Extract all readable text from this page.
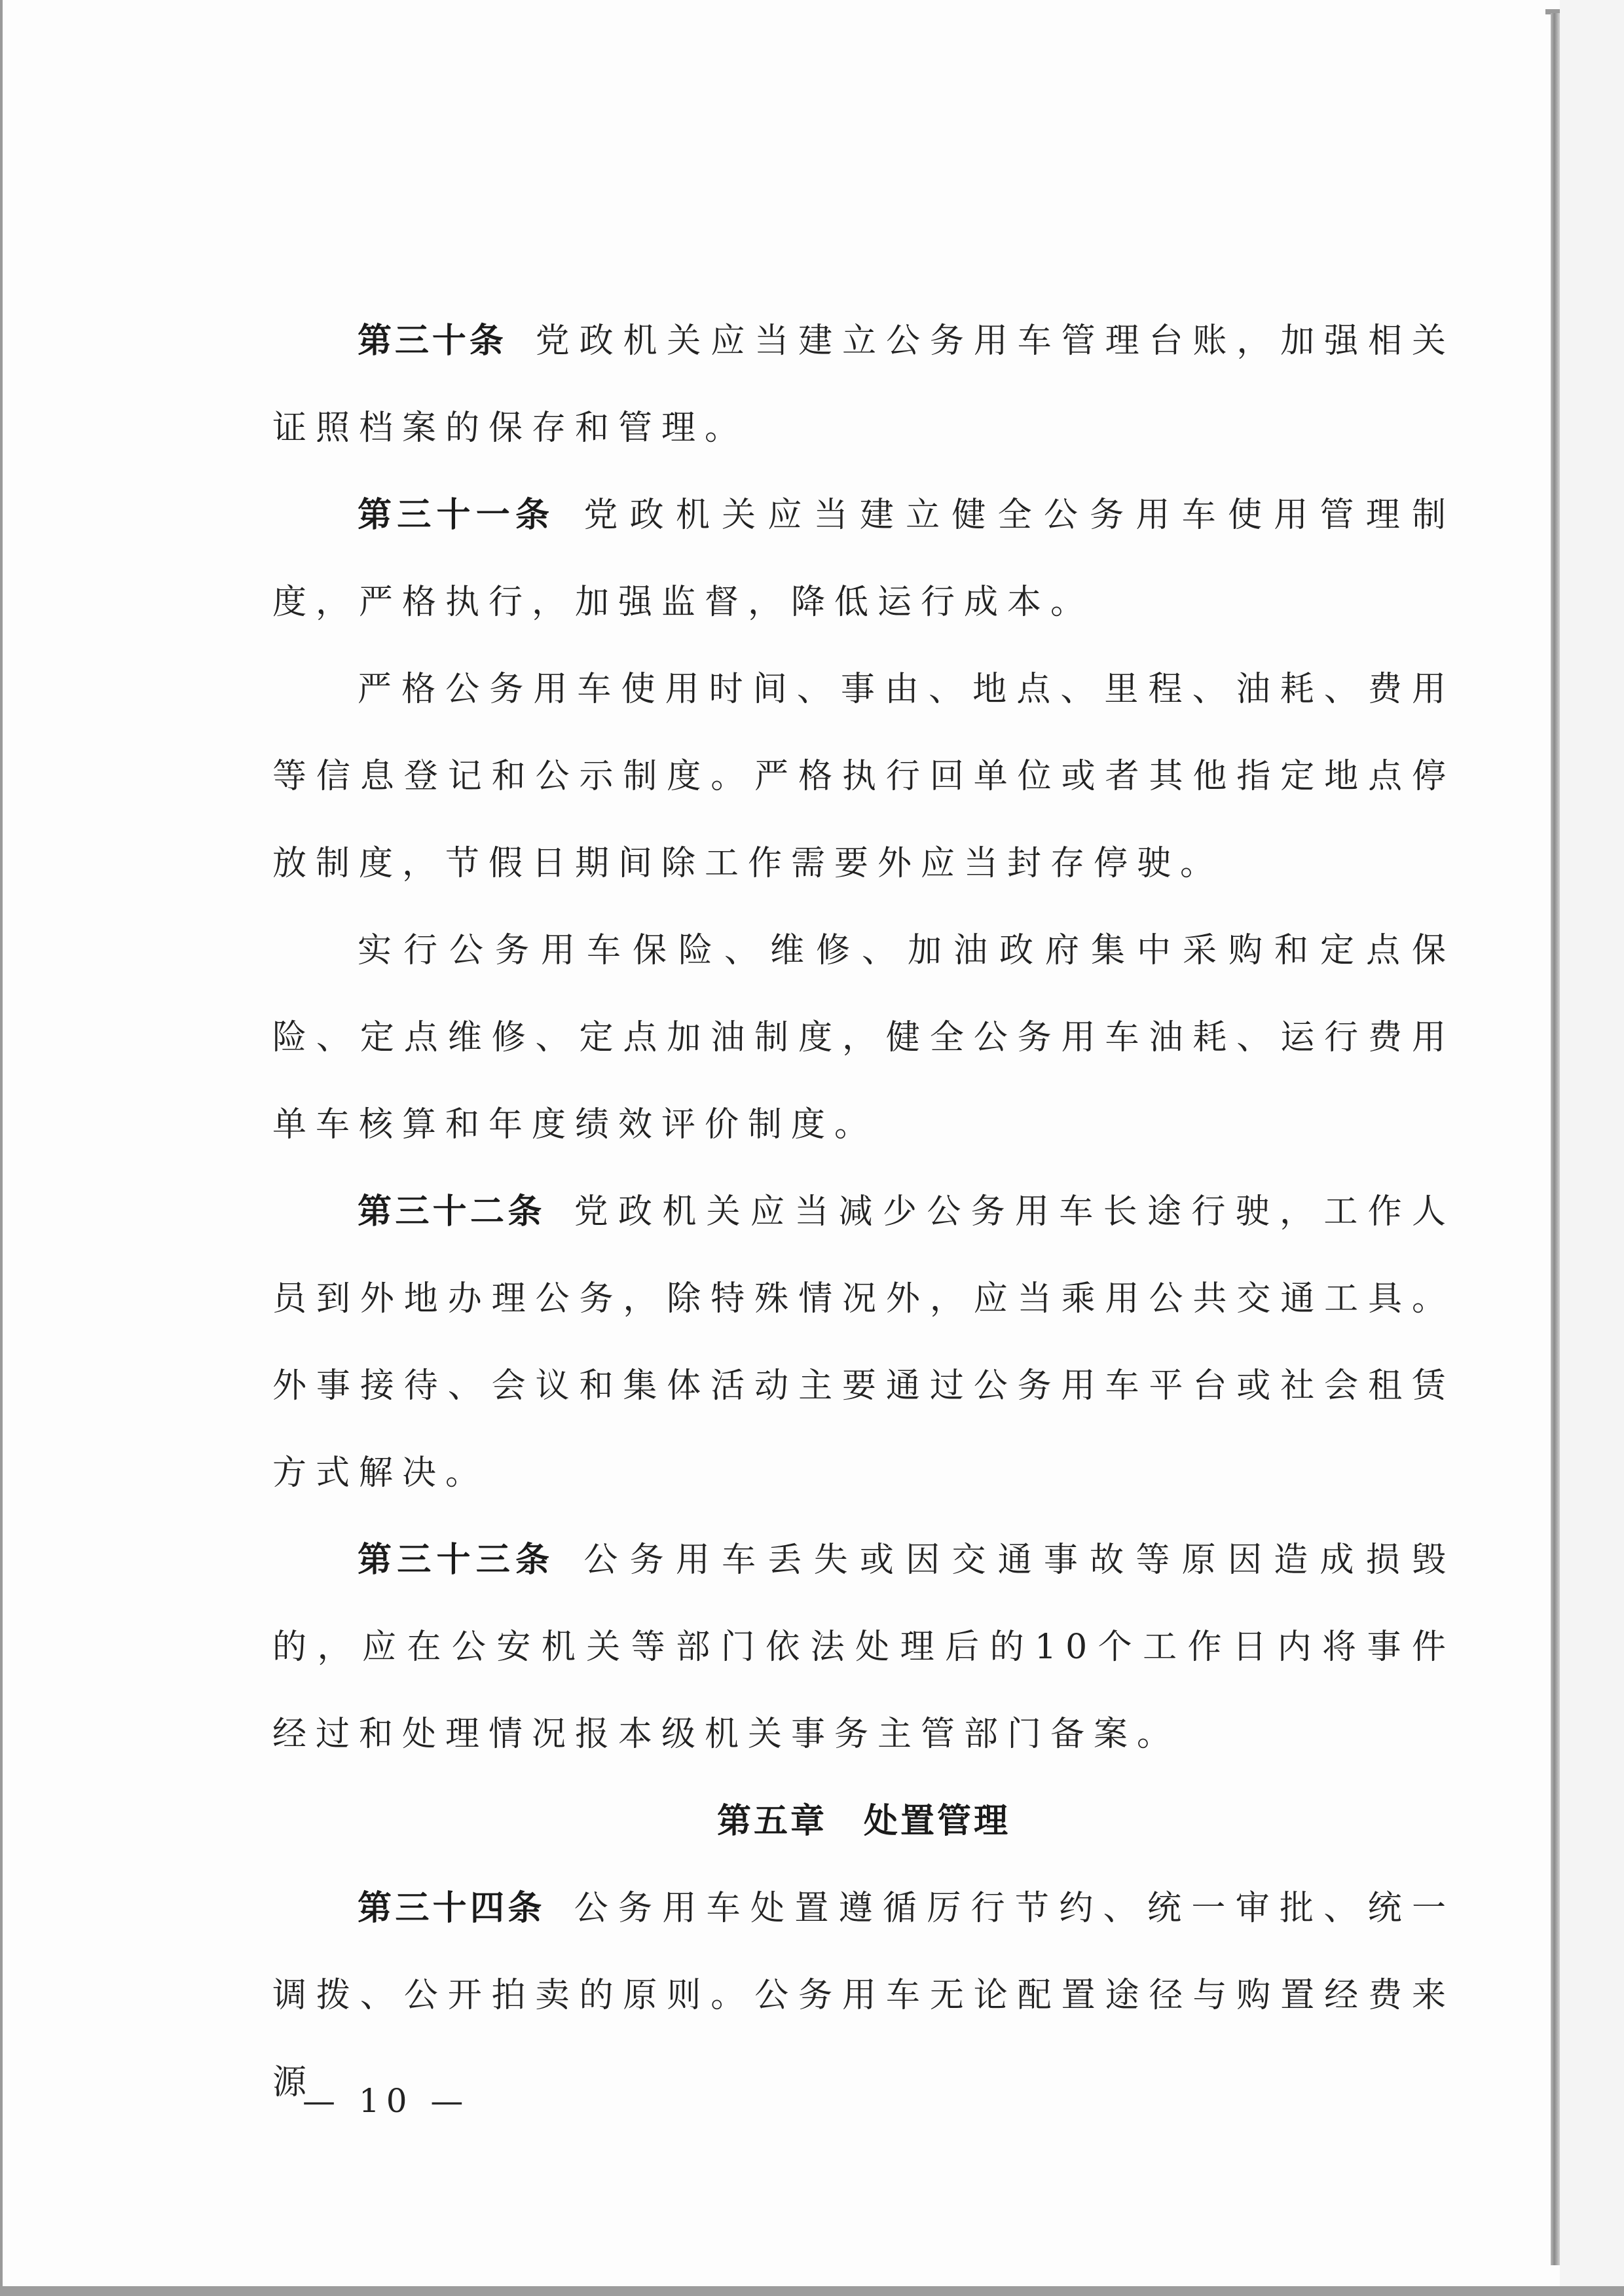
第三十条 党政机关应当建立公务用车管理台账，加强相关证照档案的保存和管理。

第三十一条 党政机关应当建立健全公务用车使用管理制度，严格执行，加强监督，降低运行成本。

严格公务用车使用时间、事由、地点、里程、油耗、费用等信息登记和公示制度。严格执行回单位或者其他指定地点停放制度，节假日期间除工作需要外应当封存停驶。

实行公务用车保险、维修、加油政府集中采购和定点保险、定点维修、定点加油制度，健全公务用车油耗、运行费用单车核算和年度绩效评价制度。

第三十二条 党政机关应当减少公务用车长途行驶，工作人员到外地办理公务，除特殊情况外，应当乘用公共交通工具。外事接待、会议和集体活动主要通过公务用车平台或社会租赁方式解决。

第三十三条 公务用车丢失或因交通事故等原因造成损毁的，应在公安机关等部门依法处理后的10个工作日内将事件经过和处理情况报本级机关事务主管部门备案。

第五章 处置管理

第三十四条 公务用车处置遵循厉行节约、统一审批、统一调拨、公开拍卖的原则。公务用车无论配置途径与购置经费来源

— 10 —
